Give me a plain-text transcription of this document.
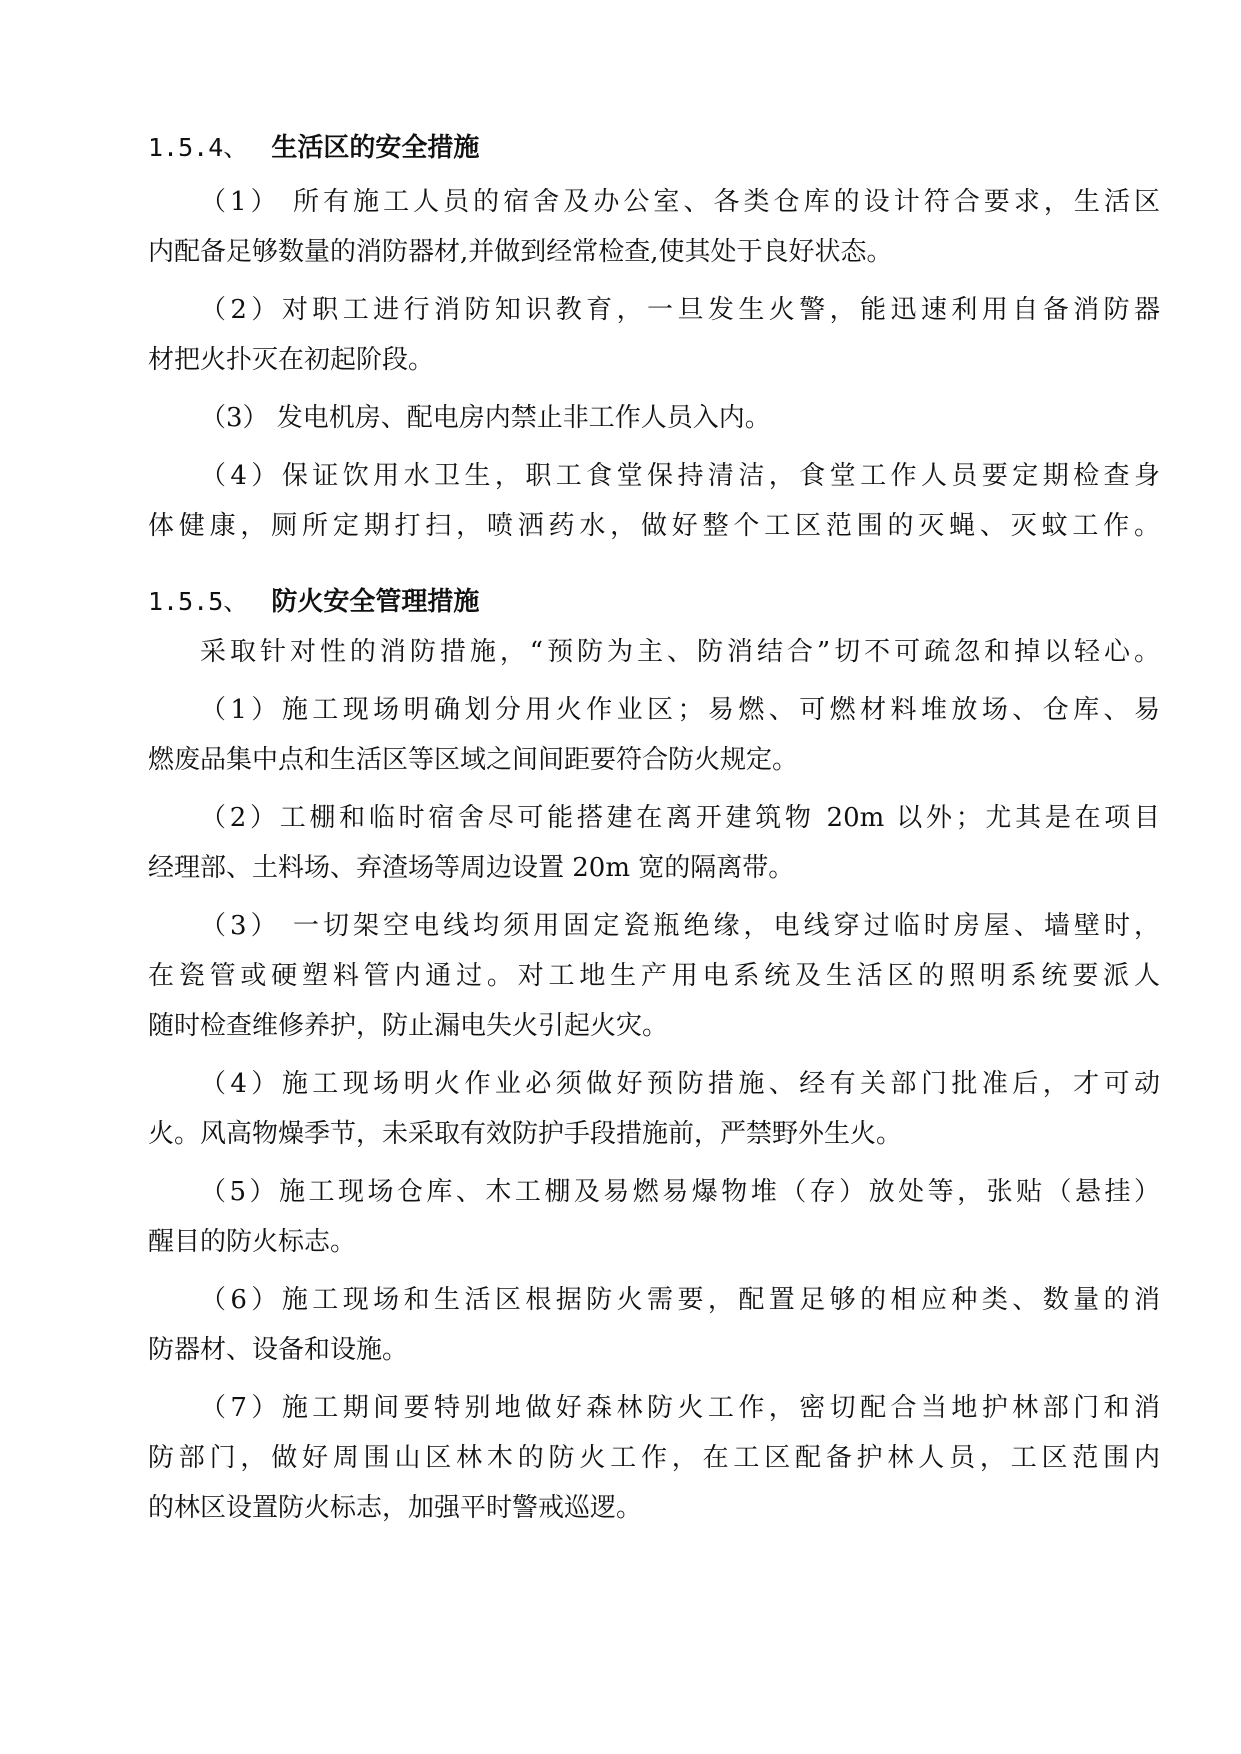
1.5.4、 生活区的安全措施
（1） 所有施工人员的宿舍及办公室、各类仓库的设计符合要求，生活区
内配备足够数量的消防器材,并做到经常检查,使其处于良好状态。
（2）对职工进行消防知识教育，一旦发生火警，能迅速利用自备消防器
材把火扑灭在初起阶段。
（3） 发电机房、配电房内禁止非工作人员入内。
（4）保证饮用水卫生，职工食堂保持清洁，食堂工作人员要定期检查身
体健康，厕所定期打扫，喷洒药水，做好整个工区范围的灭蝇、灭蚊工作。
1.5.5、 防火安全管理措施
采取针对性的消防措施，“预防为主、防消结合”切不可疏忽和掉以轻心。
（1）施工现场明确划分用火作业区；易燃、可燃材料堆放场、仓库、易
燃废品集中点和生活区等区域之间间距要符合防火规定。
（2）工棚和临时宿舍尽可能搭建在离开建筑物 20m 以外；尤其是在项目
经理部、土料场、弃渣场等周边设置 20m 宽的隔离带。
（3） 一切架空电线均须用固定瓷瓶绝缘，电线穿过临时房屋、墙壁时，
在瓷管或硬塑料管内通过。对工地生产用电系统及生活区的照明系统要派人
随时检查维修养护，防止漏电失火引起火灾。
（4）施工现场明火作业必须做好预防措施、经有关部门批准后，才可动
火。风高物燥季节，未采取有效防护手段措施前，严禁野外生火。
（5）施工现场仓库、木工棚及易燃易爆物堆（存）放处等，张贴（悬挂）
醒目的防火标志。
（6）施工现场和生活区根据防火需要，配置足够的相应种类、数量的消
防器材、设备和设施。
（7）施工期间要特别地做好森林防火工作，密切配合当地护林部门和消
防部门，做好周围山区林木的防火工作，在工区配备护林人员，工区范围内
的林区设置防火标志，加强平时警戒巡逻。
